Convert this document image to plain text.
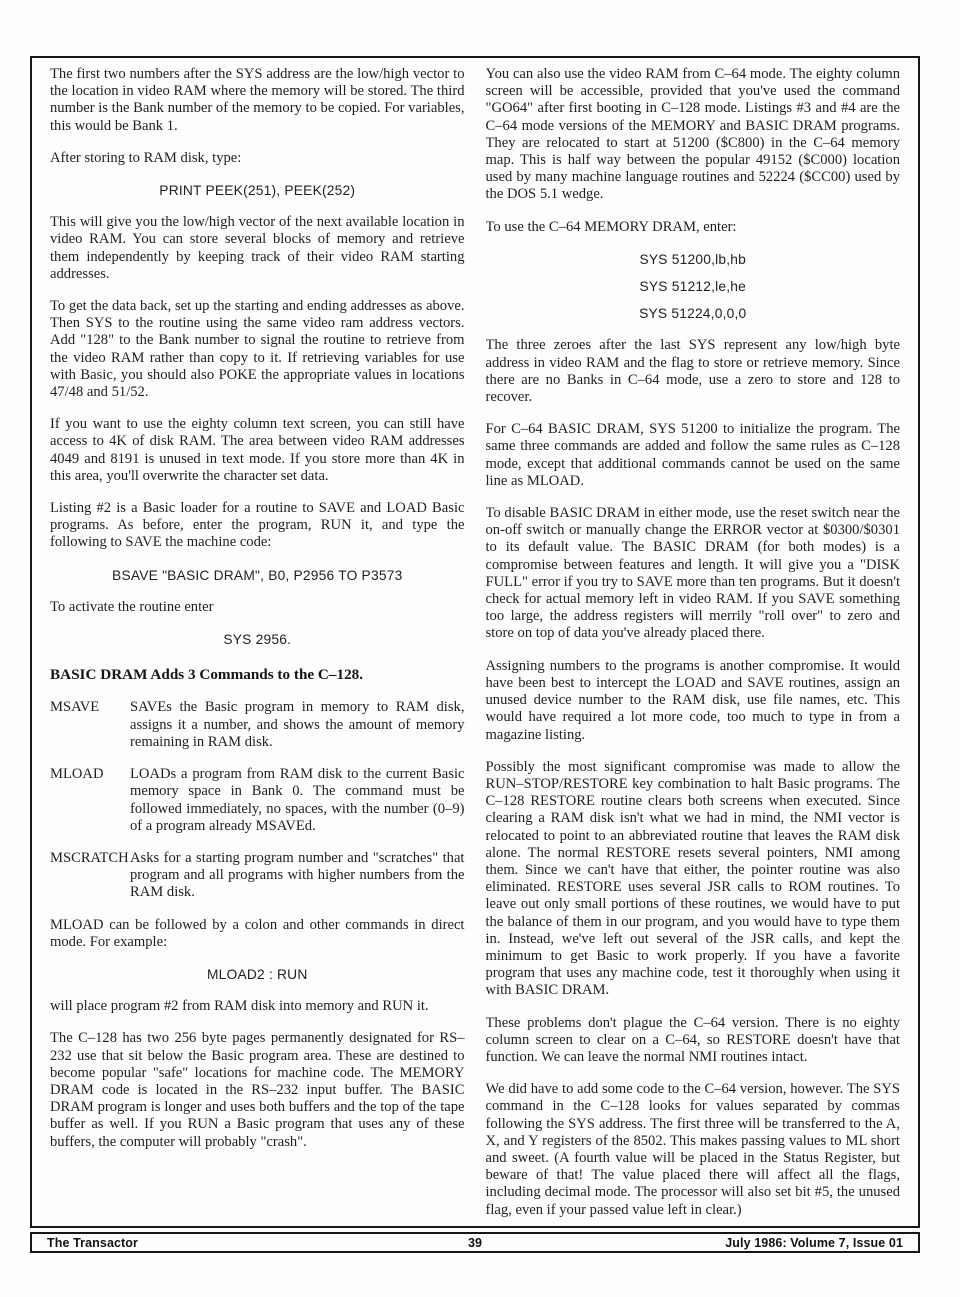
The first two numbers after the SYS address are the low/high vector to the location in video RAM where the memory will be stored. The third number is the Bank number of the memory to be copied. For variables, this would be Bank 1.

After storing to RAM disk, type:

PRINT PEEK(251), PEEK(252)

This will give you the low/high vector of the next available location in video RAM. You can store several blocks of memory and retrieve them independently by keeping track of their video RAM starting addresses.

To get the data back, set up the starting and ending addresses as above. Then SYS to the routine using the same video ram address vectors. Add "128" to the Bank number to signal the routine to retrieve from the video RAM rather than copy to it. If retrieving variables for use with Basic, you should also POKE the appropriate values in locations 47/48 and 51/52.

If you want to use the eighty column text screen, you can still have access to 4K of disk RAM. The area between video RAM addresses 4049 and 8191 is unused in text mode. If you store more than 4K in this area, you'll overwrite the character set data.

Listing #2 is a Basic loader for a routine to SAVE and LOAD Basic programs. As before, enter the program, RUN it, and type the following to SAVE the machine code:

BSAVE "BASIC DRAM", B0, P2956 TO P3573

To activate the routine enter

SYS 2956.

BASIC DRAM Adds 3 Commands to the C–128.
MSAVE	SAVEs the Basic program in memory to RAM disk, assigns it a number, and shows the amount of memory remaining in RAM disk.
MLOAD	LOADs a program from RAM disk to the current Basic memory space in Bank 0. The command must be followed immediately, no spaces, with the number (0–9) of a program already MSAVEd.
MSCRATCH Asks for a starting program number and "scratches" that program and all programs with higher numbers from the RAM disk.

MLOAD can be followed by a colon and other commands in direct mode. For example:

MLOAD2 : RUN

will place program #2 from RAM disk into memory and RUN it.

The C–128 has two 256 byte pages permanently designated for RS–232 use that sit below the Basic program area. These are destined to become popular "safe" locations for machine code. The MEMORY DRAM code is located in the RS–232 input buffer. The BASIC DRAM program is longer and uses both buffers and the top of the tape buffer as well. If you RUN a Basic program that uses any of these buffers, the computer will probably "crash".

You can also use the video RAM from C–64 mode. The eighty column screen will be accessible, provided that you've used the command "GO64" after first booting in C–128 mode. Listings #3 and #4 are the C–64 mode versions of the MEMORY and BASIC DRAM programs. They are relocated to start at 51200 ($C800) in the C–64 memory map. This is half way between the popular 49152 ($C000) location used by many machine language routines and 52224 ($CC00) used by the DOS 5.1 wedge.

To use the C–64 MEMORY DRAM, enter:

SYS 51200,lb,hb

SYS 51212,le,he

SYS 51224,0,0,0

The three zeroes after the last SYS represent any low/high byte address in video RAM and the flag to store or retrieve memory. Since there are no Banks in C–64 mode, use a zero to store and 128 to recover.

For C–64 BASIC DRAM, SYS 51200 to initialize the program. The same three commands are added and follow the same rules as C–128 mode, except that additional commands cannot be used on the same line as MLOAD.

To disable BASIC DRAM in either mode, use the reset switch near the on-off switch or manually change the ERROR vector at $0300/$0301 to its default value. The BASIC DRAM (for both modes) is a compromise between features and length. It will give you a "DISK FULL" error if you try to SAVE more than ten programs. But it doesn't check for actual memory left in video RAM. If you SAVE something too large, the address registers will merrily "roll over" to zero and store on top of data you've already placed there.

Assigning numbers to the programs is another compromise. It would have been best to intercept the LOAD and SAVE routines, assign an unused device number to the RAM disk, use file names, etc. This would have required a lot more code, too much to type in from a magazine listing.

Possibly the most significant compromise was made to allow the RUN–STOP/RESTORE key combination to halt Basic programs. The C–128 RESTORE routine clears both screens when executed. Since clearing a RAM disk isn't what we had in mind, the NMI vector is relocated to point to an abbreviated routine that leaves the RAM disk alone. The normal RESTORE resets several pointers, NMI among them. Since we can't have that either, the pointer routine was also eliminated. RESTORE uses several JSR calls to ROM routines. To leave out only small portions of these routines, we would have to put the balance of them in our program, and you would have to type them in. Instead, we've left out several of the JSR calls, and kept the minimum to get Basic to work properly. If you have a favorite program that uses any machine code, test it thoroughly when using it with BASIC DRAM.

These problems don't plague the C–64 version. There is no eighty column screen to clear on a C–64, so RESTORE doesn't have that function. We can leave the normal NMI routines intact.

We did have to add some code to the C–64 version, however. The SYS command in the C–128 looks for values separated by commas following the SYS address. The first three will be transferred to the A, X, and Y registers of the 8502. This makes passing values to ML short and sweet. (A fourth value will be placed in the Status Register, but beware of that! The value placed there will affect all the flags, including decimal mode. The processor will also set bit #5, the unused flag, even if your passed value left in clear.)

The Transactor	39	July 1986: Volume 7, Issue 01
